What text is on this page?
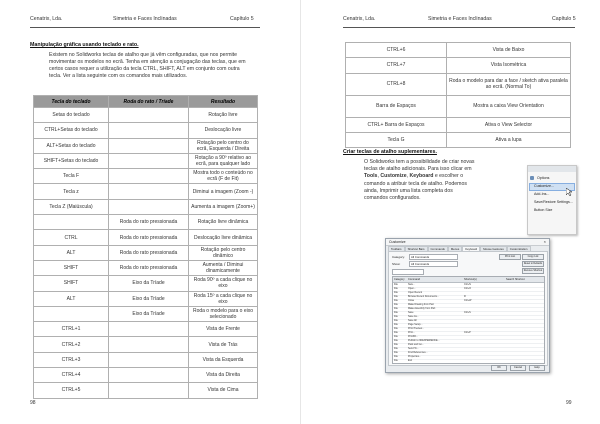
Cenatrix, Lda.	Simetria e Faces Inclinadas	Capítulo 5
Manipulação gráfica usando teclado e rato.
Existem no Solidworks teclas de atalho que já vêm configuradas, que nos permite
movimentar os modelos no ecrã. Tenha em atenção a conjugação das teclas, que em
certos casos requer a utilização da tecla CTRL, SHIFT, ALT em conjunto com outra
tecla. Ver a lista seguinte com os comandos mais utilizados.
Tecla do teclado	Roda do rato / Tríade	Resultado
Setas do teclado		Rotação livre
CTRL+Setas do teclado		Deslocação livre
ALT+Setas do teclado		Rotação pelo centro do ecrã, Esquerda / Direita
SHIFT+Setas do teclado		Rotação a 90º relativo ao ecrã, para qualquer lado
Tecla F		Mostra todo o conteúdo no ecrã (F de Fit)
Tecla z		Diminui a imagem (Zoom -)
Tecla Z (Maiúscula)		Aumenta a imagem (Zoom+)
	Roda do rato pressionada	Rotação livre dinâmica
CTRL	Roda do rato pressionada	Deslocação livre dinâmica
ALT	Roda do rato pressionada	Rotação pelo centro dinâmico
SHIFT	Roda do rato pressionada	Aumenta / Diminui dinamicamente
SHIFT	Eixo da Tríade	Roda 90º a cada clique no eixo
ALT	Eixo da Tríade	Roda 15º a cada clique no eixo
	Eixo da Tríade	Roda o modelo para o eixo selecionado
CTRL+1		Vista de Frente
CTRL+2		Vista de Trás
CTRL+3		Vista da Esquerda
CTRL+4		Vista da Direita
CTRL+5		Vista de Cima
98
Cenatrix, Lda.	Simetria e Faces Inclinadas	Capítulo 5
CTRL+6	Vista de Baixo
CTRL+7	Vista Isométrica
CTRL+8	Roda o modelo para dar a face / sketch ativa paralela ao ecrã. (Normal To)
Barra de Espaços	Mostra a caixa View Orientation
CTRL+ Barra de Espaços	Ativa o View Selector
Tecla G	Ativa a lupa
Criar teclas de atalho suplementares.
O Solidworks tem a possibilidade de criar novas
teclas de atalho adicionais. Para isso clicar em
Tools, Customize, Keyboard e escolher o
comando a atribuir tecla de atalho. Podemos
ainda, Imprimir uma lista completa dos
comandos configurados.
99
Options
Customize...
Add-Ins...
Save/Restore Settings...
Button Size
Customize	×
Toolbars	Shortcut Bars	Commands	Menus	Keyboard	Mouse Gestures	Customization
Category:	All Commands
Show:	All Commands
Print List	Copy List
Reset to Defaults
Remove Shortcut
Category	Command	Shortcut(s)	Search Shortcut
File	New...	Ctrl+N
File	Open...	Ctrl+O
File	Open Recent
File	Browse Recent Documents...	R
File	Close	Ctrl+W
File	Make Drawing from Part
File	Make Assembly from Part
File	Save	Ctrl+S
File	Save As...
File	Save All
File	Page Setup...
File	Print Preview...
File	Print...	Ctrl+P
File	Print3D...
File	Publish to 3DEXPERIENCE...
File	Pack and Go...
File	Send To...
File	Find References...
File	Properties...
File	Exit
OK	Cancel	Help
